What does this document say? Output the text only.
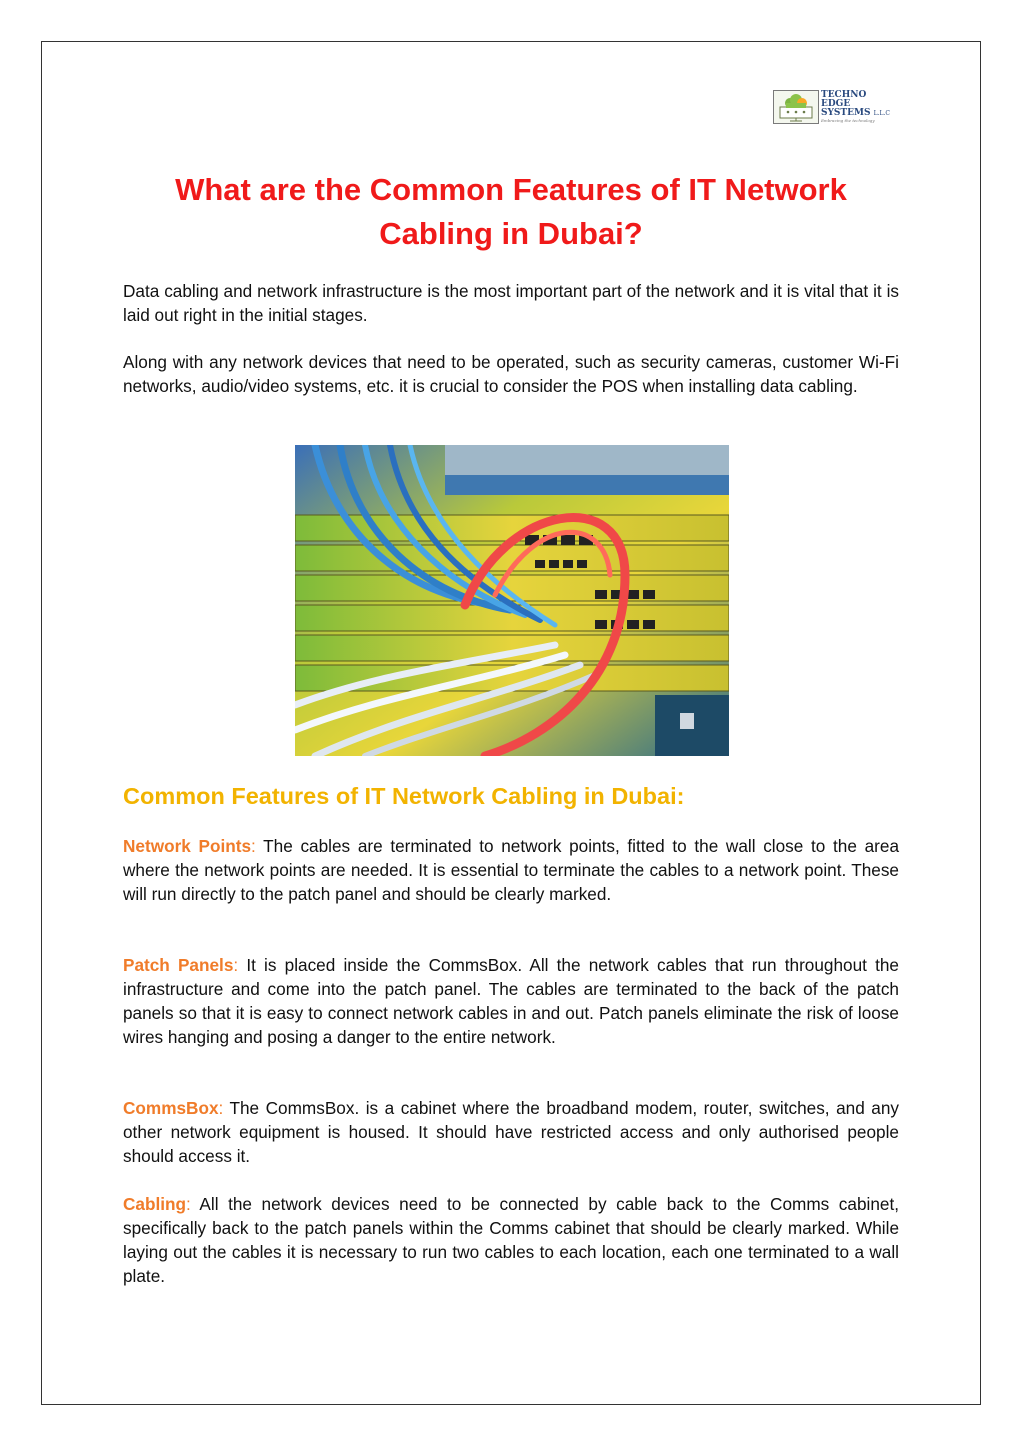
TECHNO
EDGE
SYSTEMS L.L.C
Embracing the technology
What are the Common Features of IT Network Cabling in Dubai?

Data cabling and network infrastructure is the most important part of the network and it is vital that it is laid out right in the initial stages.

Along with any network devices that need to be operated, such as security cameras, customer Wi-Fi networks, audio/video systems, etc. it is crucial to consider the POS when installing data cabling.

Common Features of IT Network Cabling in Dubai:

Network Points: The cables are terminated to network points, fitted to the wall close to the area where the network points are needed. It is essential to terminate the cables to a network point. These will run directly to the patch panel and should be clearly marked.

Patch Panels: It is placed inside the CommsBox. All the network cables that run throughout the infrastructure and come into the patch panel. The cables are terminated to the back of the patch panels so that it is easy to connect network cables in and out. Patch panels eliminate the risk of loose wires hanging and posing a danger to the entire network.

CommsBox: The CommsBox. is a cabinet where the broadband modem, router, switches, and any other network equipment is housed. It should have restricted access and only authorised people should access it.

Cabling: All the network devices need to be connected by cable back to the Comms cabinet, specifically back to the patch panels within the Comms cabinet that should be clearly marked. While laying out the cables it is necessary to run two cables to each location, each one terminated to a wall plate.
